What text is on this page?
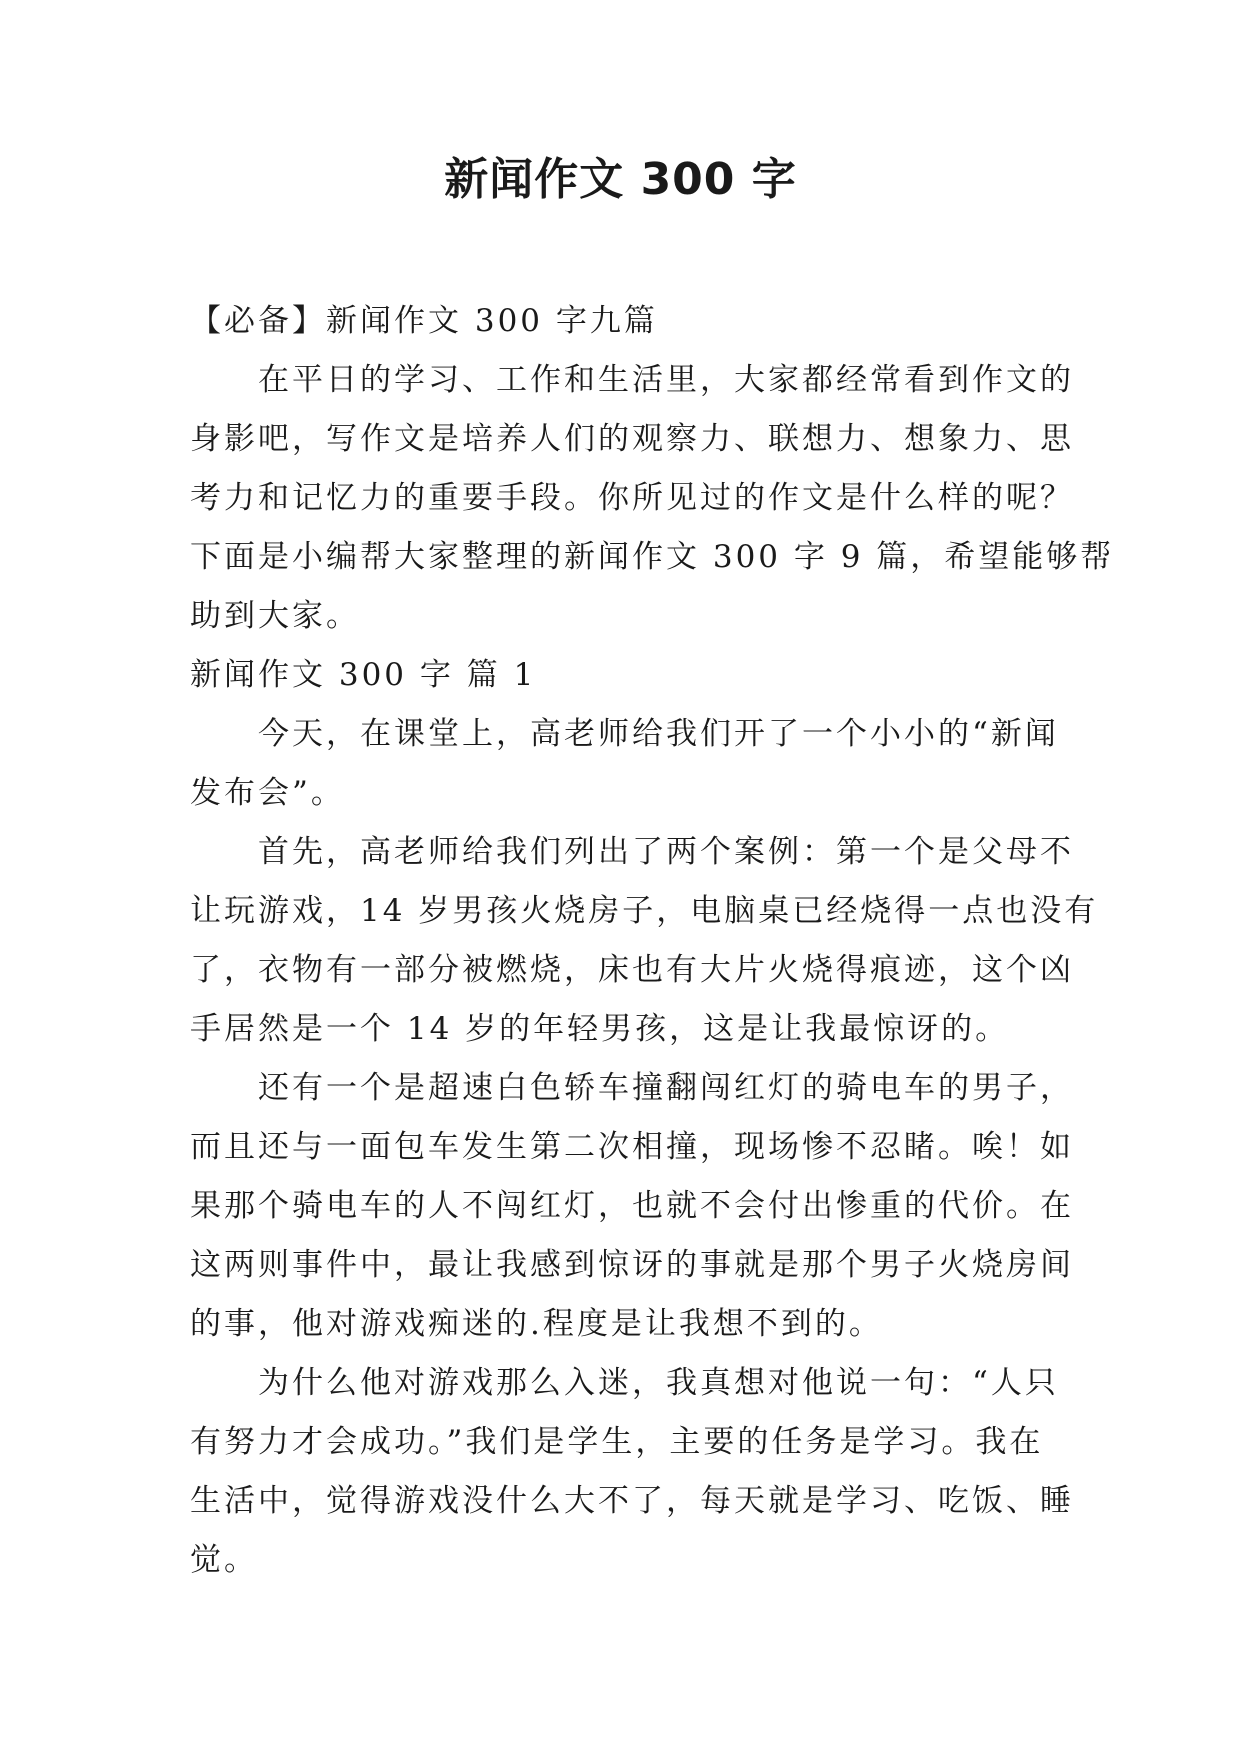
新闻作文 300 字
【必备】新闻作文 300 字九篇
在平日的学习、工作和生活里，大家都经常看到作文的
身影吧，写作文是培养人们的观察力、联想力、想象力、思
考力和记忆力的重要手段。你所见过的作文是什么样的呢？
下面是小编帮大家整理的新闻作文 300 字 9 篇，希望能够帮
助到大家。
新闻作文 300 字 篇 1
今天，在课堂上，高老师给我们开了一个小小的“新闻
发布会”。
首先，高老师给我们列出了两个案例：第一个是父母不
让玩游戏，14 岁男孩火烧房子，电脑桌已经烧得一点也没有
了，衣物有一部分被燃烧，床也有大片火烧得痕迹，这个凶
手居然是一个 14 岁的年轻男孩，这是让我最惊讶的。
还有一个是超速白色轿车撞翻闯红灯的骑电车的男子，
而且还与一面包车发生第二次相撞，现场惨不忍睹。唉！如
果那个骑电车的人不闯红灯，也就不会付出惨重的代价。在
这两则事件中，最让我感到惊讶的事就是那个男子火烧房间
的事，他对游戏痴迷的.程度是让我想不到的。
为什么他对游戏那么入迷，我真想对他说一句：“人只
有努力才会成功。”我们是学生，主要的任务是学习。我在
生活中，觉得游戏没什么大不了，每天就是学习、吃饭、睡
觉。
